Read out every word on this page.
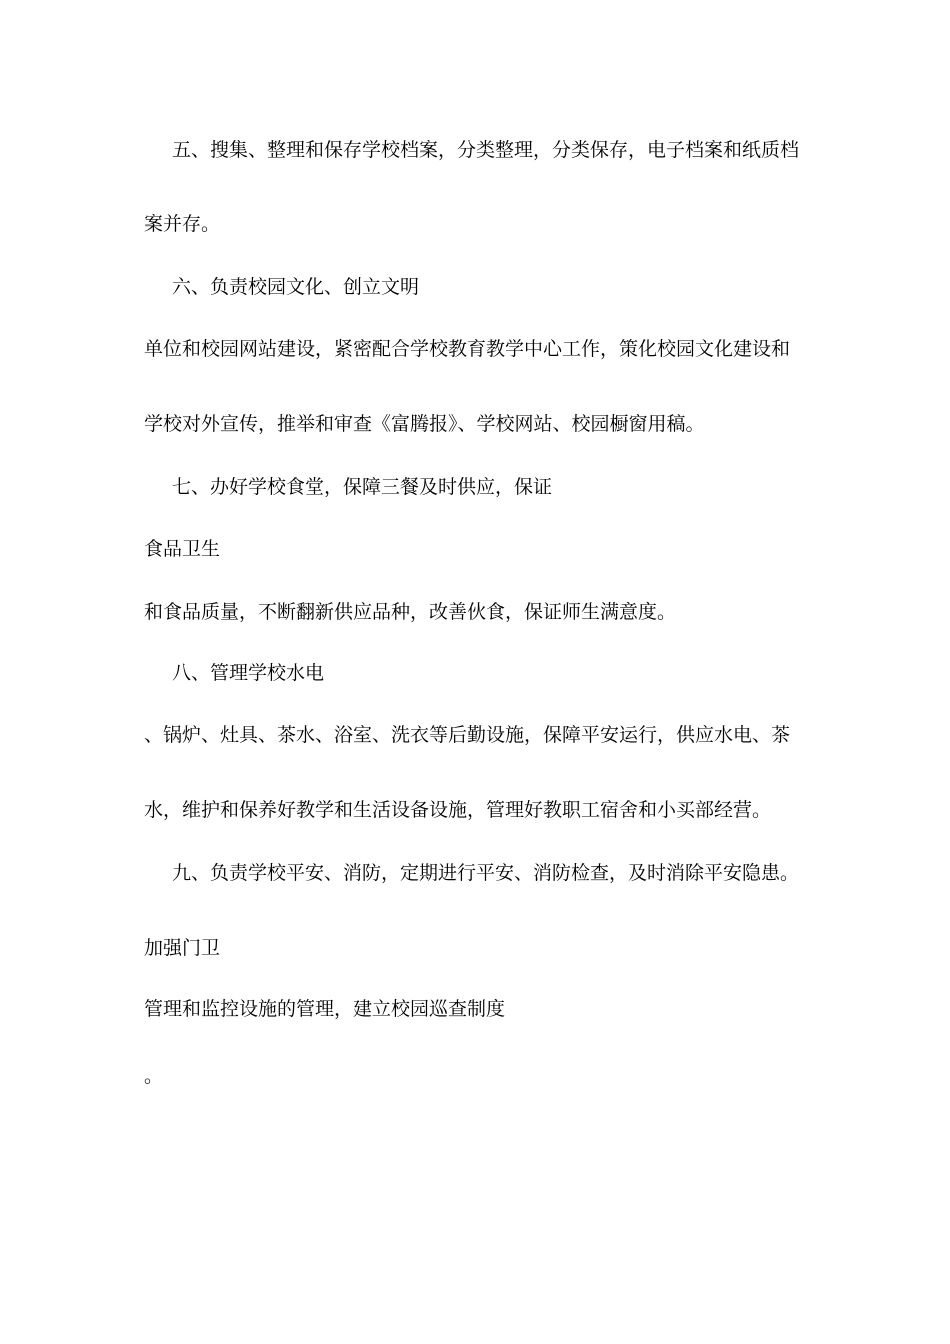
五、搜集、整理和保存学校档案，分类整理，分类保存，电子档案和纸质档
案并存。
六、负责校园文化、创立文明
单位和校园网站建设，紧密配合学校教育教学中心工作，策化校园文化建设和
学校对外宣传，推举和审查《富腾报》、学校网站、校园橱窗用稿。
七、办好学校食堂，保障三餐及时供应，保证
食品卫生
和食品质量，不断翻新供应品种，改善伙食，保证师生满意度。
八、管理学校水电
、锅炉、灶具、茶水、浴室、洗衣等后勤设施，保障平安运行，供应水电、茶
水，维护和保养好教学和生活设备设施，管理好教职工宿舍和小买部经营。
九、负责学校平安、消防，定期进行平安、消防检查，及时消除平安隐患。
加强门卫
管理和监控设施的管理，建立校园巡查制度
。
